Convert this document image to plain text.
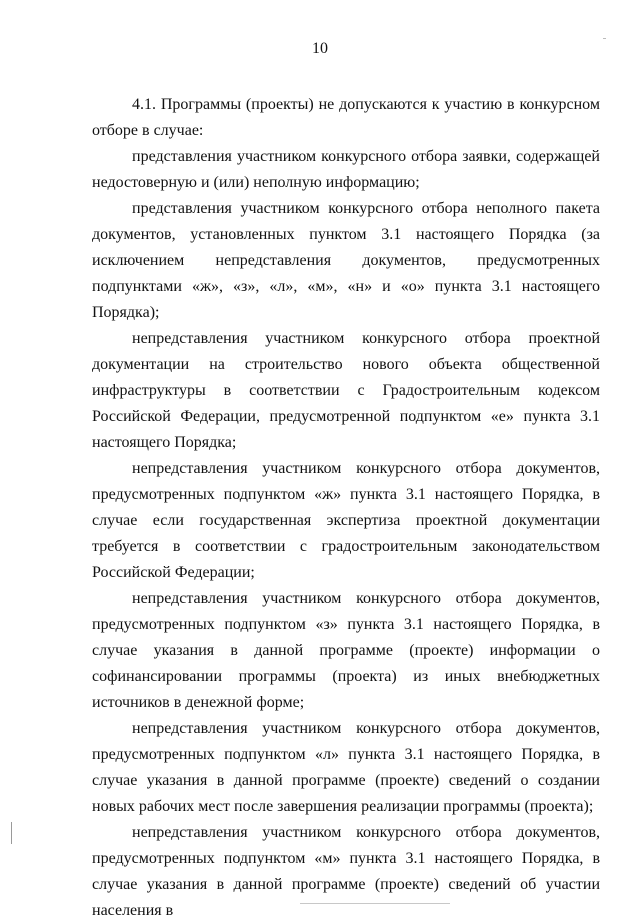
10

4.1. Программы (проекты) не допускаются к участию в конкурсном отборе в случае:

представления участником конкурсного отбора заявки, содержащей недостоверную и (или) неполную информацию;

представления участником конкурсного отбора неполного пакета документов, установленных пунктом 3.1 настоящего Порядка (за исключением непредставления документов, предусмотренных подпунктами «ж», «з», «л», «м», «н» и «о» пункта 3.1 настоящего Порядка);

непредставления участником конкурсного отбора проектной документации на строительство нового объекта общественной инфраструктуры в соответствии с Градостроительным кодексом Российской Федерации, предусмотренной подпунктом «е» пункта 3.1 настоящего Порядка;

непредставления участником конкурсного отбора документов, предусмотренных подпунктом «ж» пункта 3.1 настоящего Порядка, в случае если государственная экспертиза проектной документации требуется в соответствии с градостроительным законодательством Российской Федерации;

непредставления участником конкурсного отбора документов, предусмотренных подпунктом «з» пункта 3.1 настоящего Порядка, в случае указания в данной программе (проекте) информации о софинансировании программы (проекта) из иных внебюджетных источников в денежной форме;

непредставления участником конкурсного отбора документов, предусмотренных подпунктом «л» пункта 3.1 настоящего Порядка, в случае указания в данной программе (проекте) сведений о создании новых рабочих мест после завершения реализации программы (проекта);

непредставления участником конкурсного отбора документов, предусмотренных подпунктом «м» пункта 3.1 настоящего Порядка, в случае указания в данной программе (проекте) сведений об участии населения в
